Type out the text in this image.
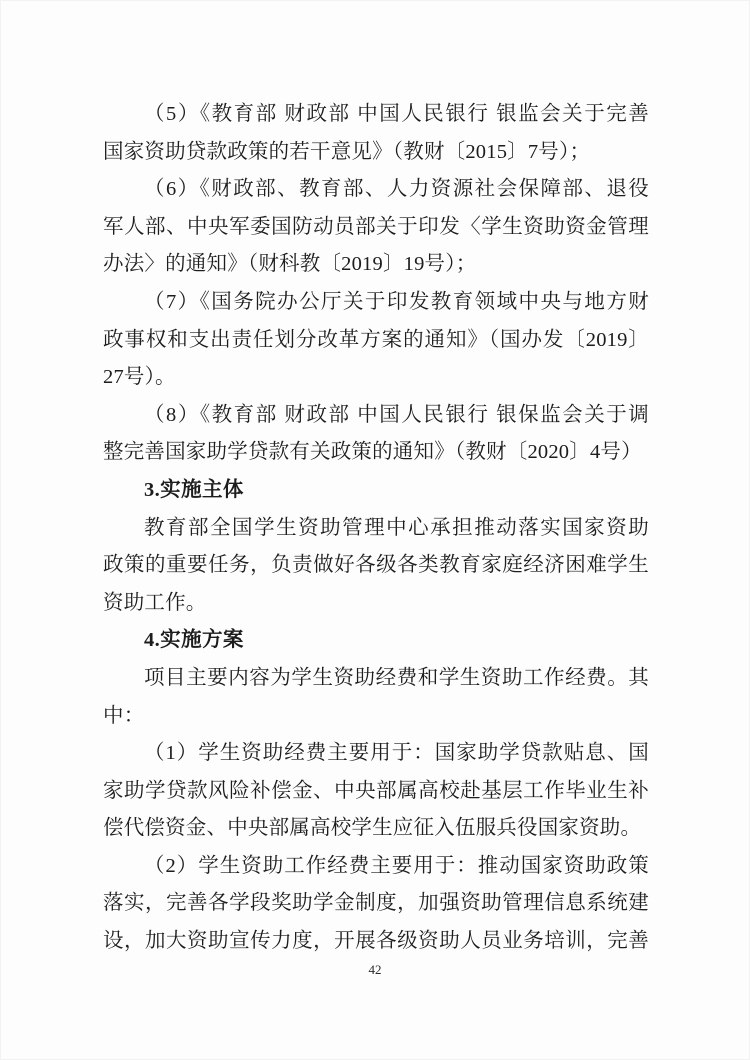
（5）《教育部 财政部 中国人民银行 银监会关于完善
国家资助贷款政策的若干意见》（教财〔2015〕7号）；
（6）《财政部、教育部、人力资源社会保障部、退役
军人部、中央军委国防动员部关于印发〈学生资助资金管理
办法〉的通知》（财科教〔2019〕19号）；
（7）《国务院办公厅关于印发教育领域中央与地方财
政事权和支出责任划分改革方案的通知》（国办发〔2019〕
27号）。
（8）《教育部 财政部 中国人民银行 银保监会关于调
整完善国家助学贷款有关政策的通知》（教财〔2020〕4号）
3.实施主体
教育部全国学生资助管理中心承担推动落实国家资助
政策的重要任务，负责做好各级各类教育家庭经济困难学生
资助工作。
4.实施方案
项目主要内容为学生资助经费和学生资助工作经费。其
中：
（1）学生资助经费主要用于：国家助学贷款贴息、国
家助学贷款风险补偿金、中央部属高校赴基层工作毕业生补
偿代偿资金、中央部属高校学生应征入伍服兵役国家资助。
（2）学生资助工作经费主要用于：推动国家资助政策
落实，完善各学段奖助学金制度，加强资助管理信息系统建
设，加大资助宣传力度，开展各级资助人员业务培训，完善
42
